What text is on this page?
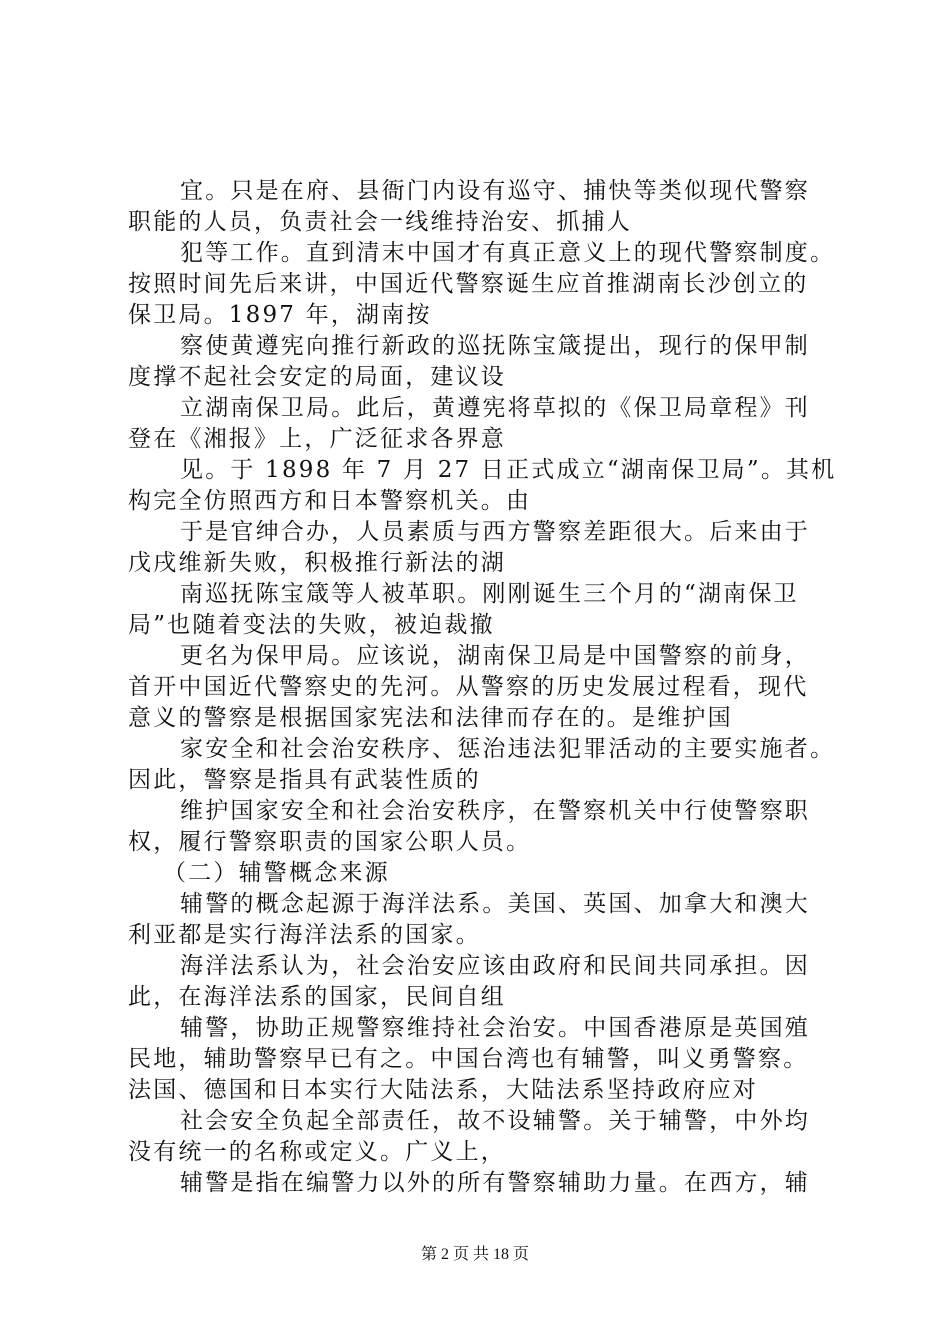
宜。只是在府、县衙门内设有巡守、捕快等类似现代警察
职能的人员，负责社会一线维持治安、抓捕人
犯等工作。直到清末中国才有真正意义上的现代警察制度。
按照时间先后来讲，中国近代警察诞生应首推湖南长沙创立的
保卫局。1897 年，湖南按
察使黄遵宪向推行新政的巡抚陈宝箴提出，现行的保甲制
度撑不起社会安定的局面，建议设
立湖南保卫局。此后，黄遵宪将草拟的《保卫局章程》刊
登在《湘报》上，广泛征求各界意
见。于 1898 年 7 月 27 日正式成立“湖南保卫局”。其机
构完全仿照西方和日本警察机关。由
于是官绅合办，人员素质与西方警察差距很大。后来由于
戊戌维新失败，积极推行新法的湖
南巡抚陈宝箴等人被革职。刚刚诞生三个月的“湖南保卫
局”也随着变法的失败，被迫裁撤
更名为保甲局。应该说，湖南保卫局是中国警察的前身，
首开中国近代警察史的先河。从警察的历史发展过程看，现代
意义的警察是根据国家宪法和法律而存在的。是维护国
家安全和社会治安秩序、惩治违法犯罪活动的主要实施者。
因此，警察是指具有武装性质的
维护国家安全和社会治安秩序，在警察机关中行使警察职
权，履行警察职责的国家公职人员。
（二）辅警概念来源
辅警的概念起源于海洋法系。美国、英国、加拿大和澳大
利亚都是实行海洋法系的国家。
海洋法系认为，社会治安应该由政府和民间共同承担。因
此，在海洋法系的国家，民间自组
辅警，协助正规警察维持社会治安。中国香港原是英国殖
民地，辅助警察早已有之。中国台湾也有辅警，叫义勇警察。
法国、德国和日本实行大陆法系，大陆法系坚持政府应对
社会安全负起全部责任，故不设辅警。关于辅警，中外均
没有统一的名称或定义。广义上，
辅警是指在编警力以外的所有警察辅助力量。在西方，辅
第 2 页 共 18 页
